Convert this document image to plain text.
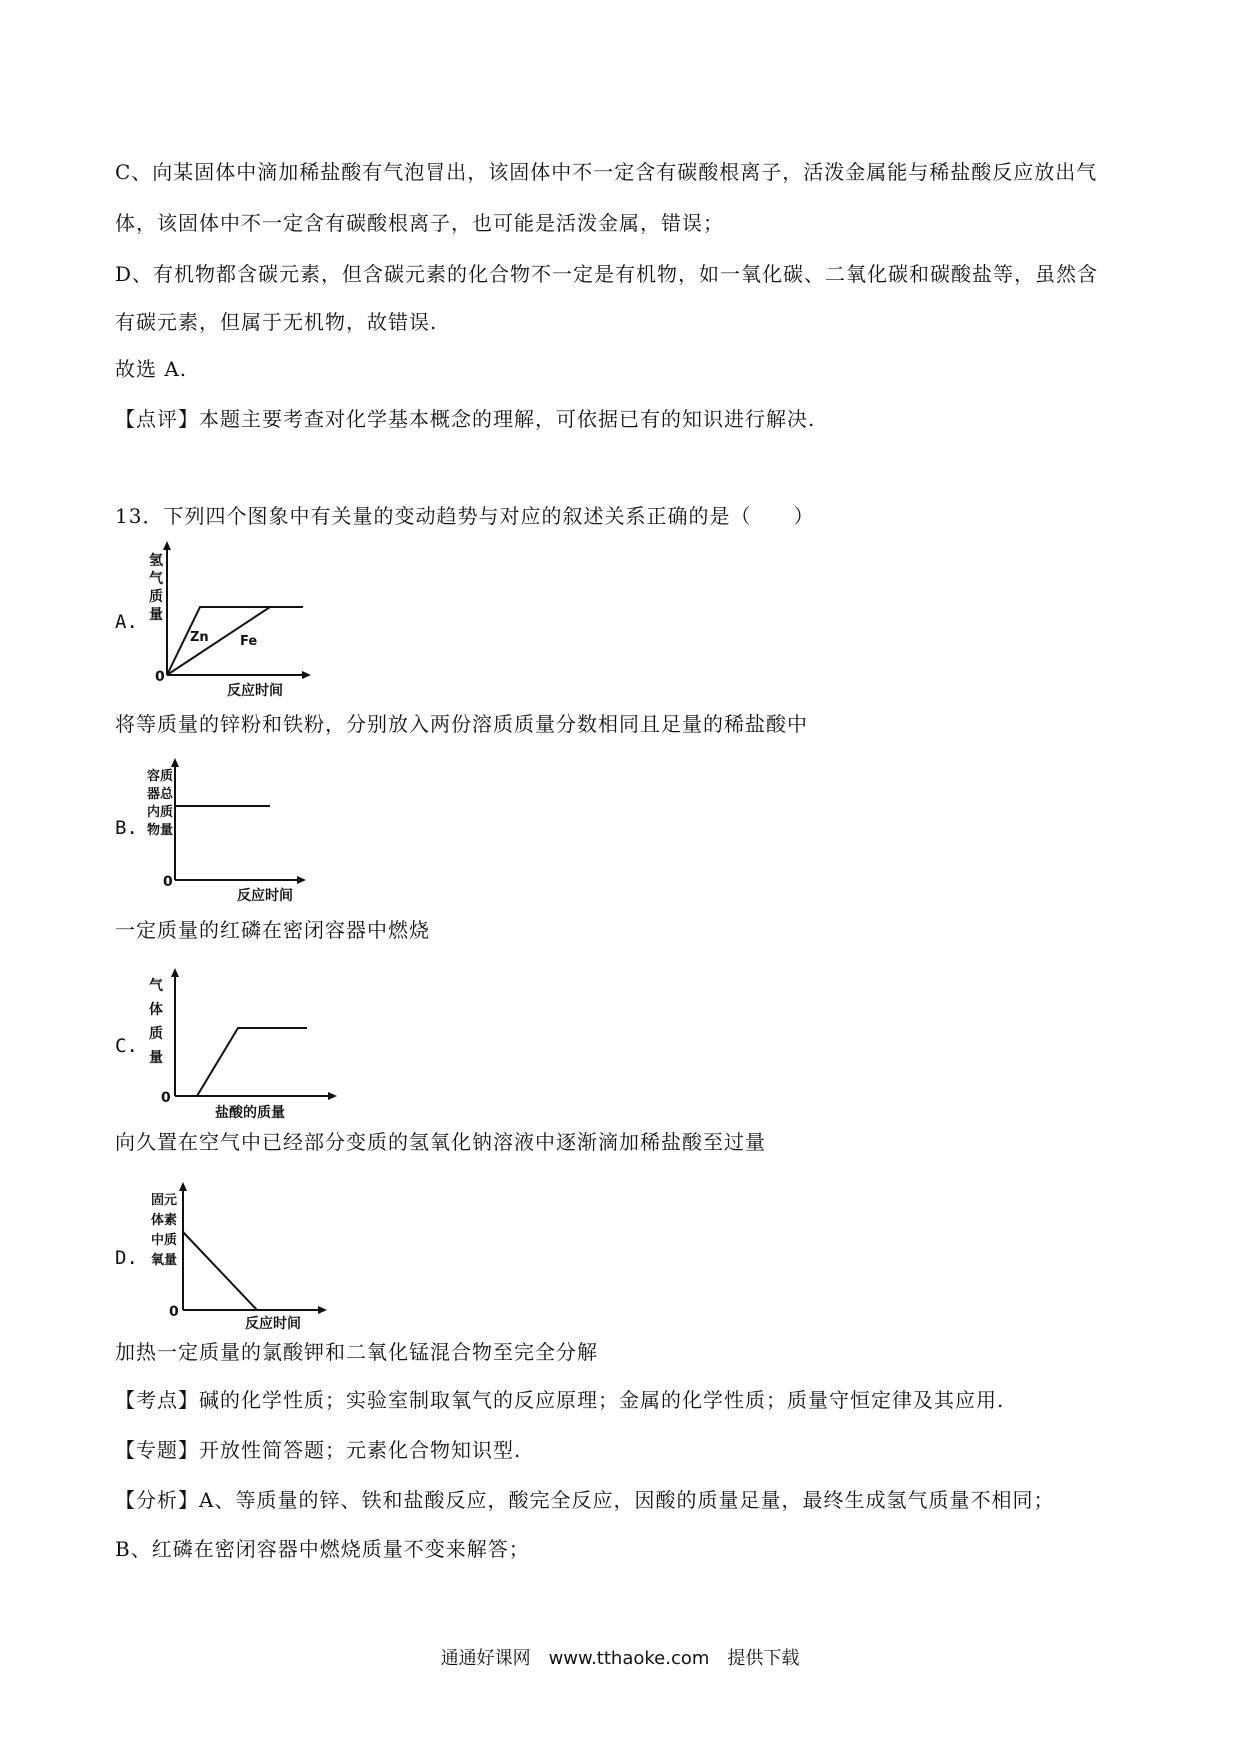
C、向某固体中滴加稀盐酸有气泡冒出，该固体中不一定含有碳酸根离子，活泼金属能与稀盐酸反应放出气
体，该固体中不一定含有碳酸根离子，也可能是活泼金属，错误；
D、有机物都含碳元素，但含碳元素的化合物不一定是有机物，如一氧化碳、二氧化碳和碳酸盐等，虽然含
有碳元素，但属于无机物，故错误.
故选 A.
【点评】本题主要考查对化学基本概念的理解，可依据已有的知识进行解决.
13．下列四个图象中有关量的变动趋势与对应的叙述关系正确的是（　　）
A.
氢
气
质
量
0
Zn Fe
反应时间
将等质量的锌粉和铁粉，分别放入两份溶质质量分数相同且足量的稀盐酸中
B.
容质
器总
内质
物量
0
反应时间
一定质量的红磷在密闭容器中燃烧
C.
气
体
质
量
0
盐酸的质量
向久置在空气中已经部分变质的氢氧化钠溶液中逐渐滴加稀盐酸至过量
D.
固元
体素
中质
氧量
0
反应时间
加热一定质量的氯酸钾和二氧化锰混合物至完全分解
【考点】碱的化学性质；实验室制取氧气的反应原理；金属的化学性质；质量守恒定律及其应用.
【专题】开放性简答题；元素化合物知识型.
【分析】A、等质量的锌、铁和盐酸反应，酸完全反应，因酸的质量足量，最终生成氢气质量不相同；
B、红磷在密闭容器中燃烧质量不变来解答；
通通好课网　www.tthaoke.com　提供下载
